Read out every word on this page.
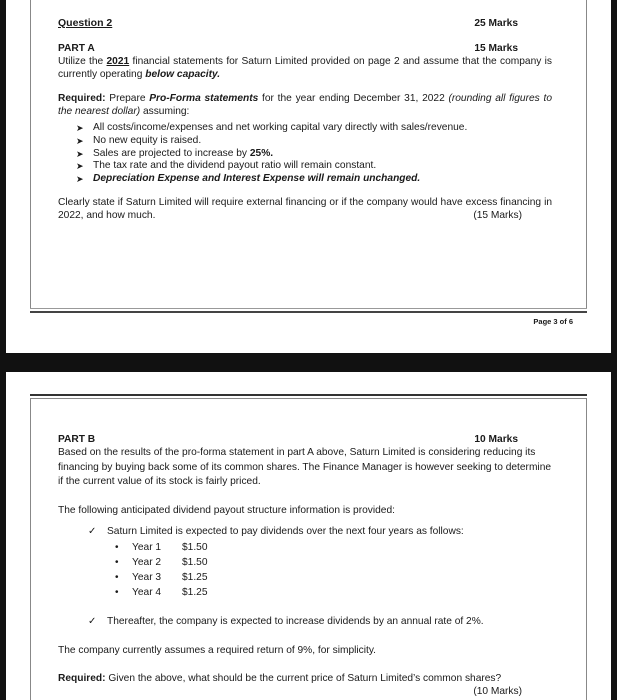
Question 2	25 Marks
PART A	15 Marks

Utilize the 2021 financial statements for Saturn Limited provided on page 2 and assume that the company is currently operating below capacity.

Required: Prepare Pro-Forma statements for the year ending December 31, 2022 (rounding all figures to the nearest dollar) assuming:

➤ All costs/income/expenses and net working capital vary directly with sales/revenue.
➤ No new equity is raised.
➤ Sales are projected to increase by 25%.
➤ The tax rate and the dividend payout ratio will remain constant.
➤ Depreciation Expense and Interest Expense will remain unchanged.

Clearly state if Saturn Limited will require external financing or if the company would have excess financing in 2022, and how much.	(15 Marks)

Page 3 of 6
PART B	10 Marks

Based on the results of the pro-forma statement in part A above, Saturn Limited is considering reducing its financing by buying back some of its common shares. The Finance Manager is however seeking to determine if the current value of its stock is fairly priced.

The following anticipated dividend payout structure information is provided:

✓ Saturn Limited is expected to pay dividends over the next four years as follows:
• Year 1 $1.50
• Year 2 $1.50
• Year 3 $1.25
• Year 4 $1.25
✓ Thereafter, the company is expected to increase dividends by an annual rate of 2%.

The company currently assumes a required return of 9%, for simplicity.

Required: Given the above, what should be the current price of Saturn Limited’s common shares?

(10 Marks)
